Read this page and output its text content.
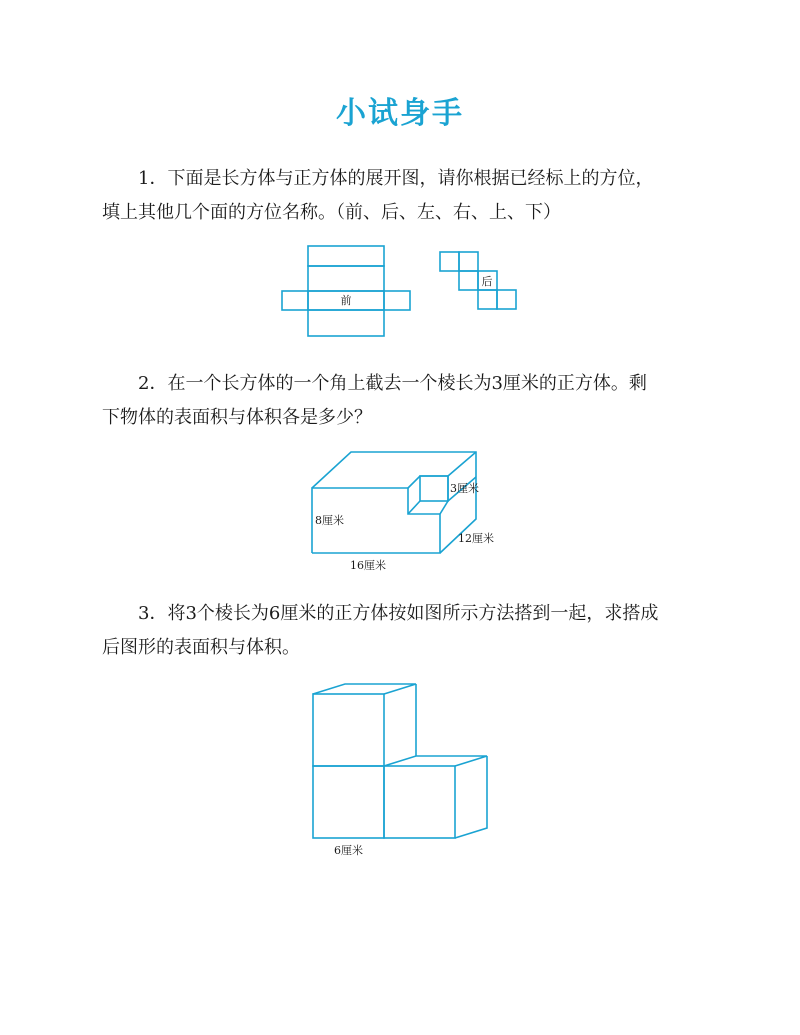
小试身手
1．下面是长方体与正方体的展开图，请你根据已经标上的方位，
填上其他几个面的方位名称。（前、后、左、右、上、下）
2．在一个长方体的一个角上截去一个棱长为3厘米的正方体。剩
下物体的表面积与体积各是多少？
3．将3个棱长为6厘米的正方体按如图所示方法搭到一起，求搭成
后图形的表面积与体积。
前
后
8厘米
16厘米
12厘米
3厘米
6厘米
